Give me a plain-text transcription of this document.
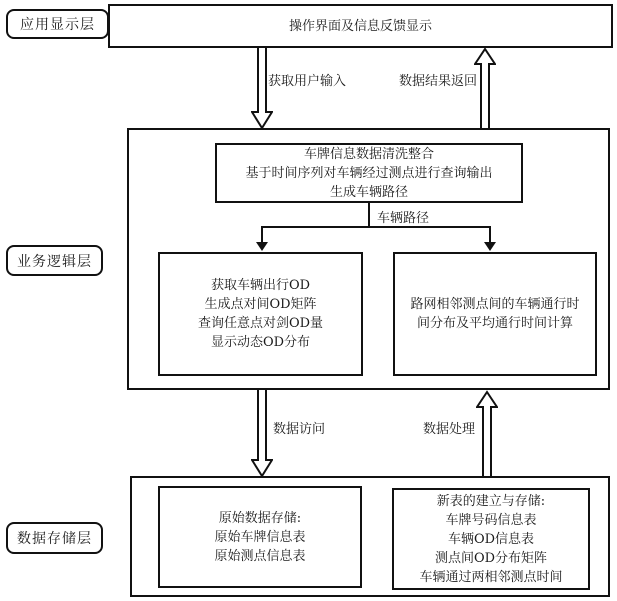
应用显示层
业务逻辑层
数据存储层
操作界面及信息反馈显示
获取用户输入	数据结果返回
车牌信息数据清洗整合
基于时间序列对车辆经过测点进行查询输出
生成车辆路径
车辆路径
获取车辆出行OD
生成点对间OD矩阵
查询任意点对剑OD量
显示动态OD分布
路网相邻测点间的车辆通行时
间分布及平均通行时间计算
数据访问	数据处理
原始数据存储:
原始车牌信息表
原始测点信息表
新表的建立与存储:
车牌号码信息表
车辆OD信息表
测点间OD分布矩阵
车辆通过两相邻测点时间
